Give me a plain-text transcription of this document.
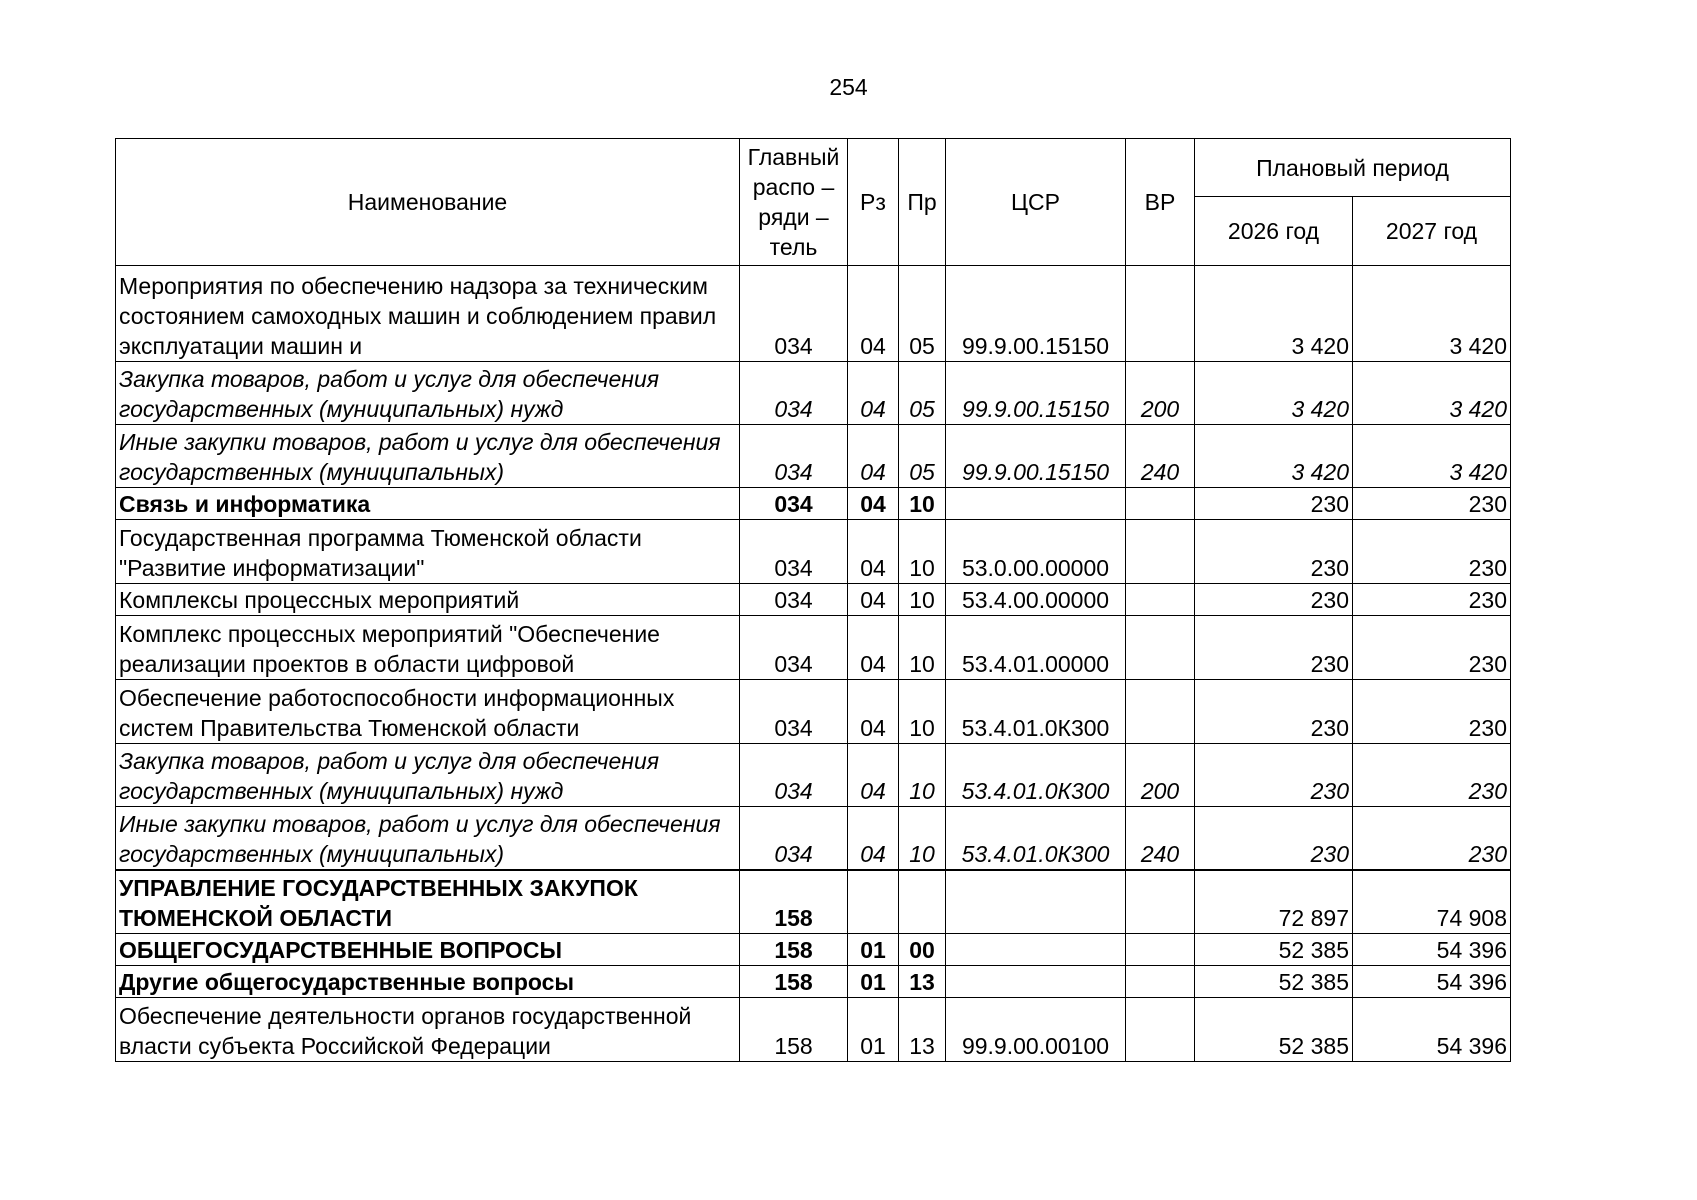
254
Наименование	Главный распо – ряди – тель	Рз	Пр	ЦСР	ВР	Плановый период	
						2026 год	2027 год
Мероприятия по обеспечению надзора за техническим состоянием самоходных машин и соблюдением правил эксплуатации машин и	034	04	05	99.9.00.15150		3 420	3 420
Закупка товаров, работ и услуг для обеспечения государственных (муниципальных) нужд	034	04	05	99.9.00.15150	200	3 420	3 420
Иные закупки товаров, работ и услуг для обеспечения государственных (муниципальных)	034	04	05	99.9.00.15150	240	3 420	3 420
Связь и информатика	034	04	10			230	230
Государственная программа Тюменской области "Развитие информатизации"	034	04	10	53.0.00.00000		230	230
Комплексы процессных мероприятий	034	04	10	53.4.00.00000		230	230
Комплекс процессных мероприятий "Обеспечение реализации проектов в области цифровой	034	04	10	53.4.01.00000		230	230
Обеспечение работоспособности информационных систем Правительства Тюменской области	034	04	10	53.4.01.0К300		230	230
Закупка товаров, работ и услуг для обеспечения государственных (муниципальных) нужд	034	04	10	53.4.01.0К300	200	230	230
Иные закупки товаров, работ и услуг для обеспечения государственных (муниципальных)	034	04	10	53.4.01.0К300	240	230	230
УПРАВЛЕНИЕ ГОСУДАРСТВЕННЫХ ЗАКУПОК ТЮМЕНСКОЙ ОБЛАСТИ	158					72 897	74 908
ОБЩЕГОСУДАРСТВЕННЫЕ ВОПРОСЫ	158	01	00			52 385	54 396
Другие общегосударственные вопросы	158	01	13			52 385	54 396
Обеспечение деятельности органов государственной власти субъекта Российской Федерации	158	01	13	99.9.00.00100		52 385	54 396
